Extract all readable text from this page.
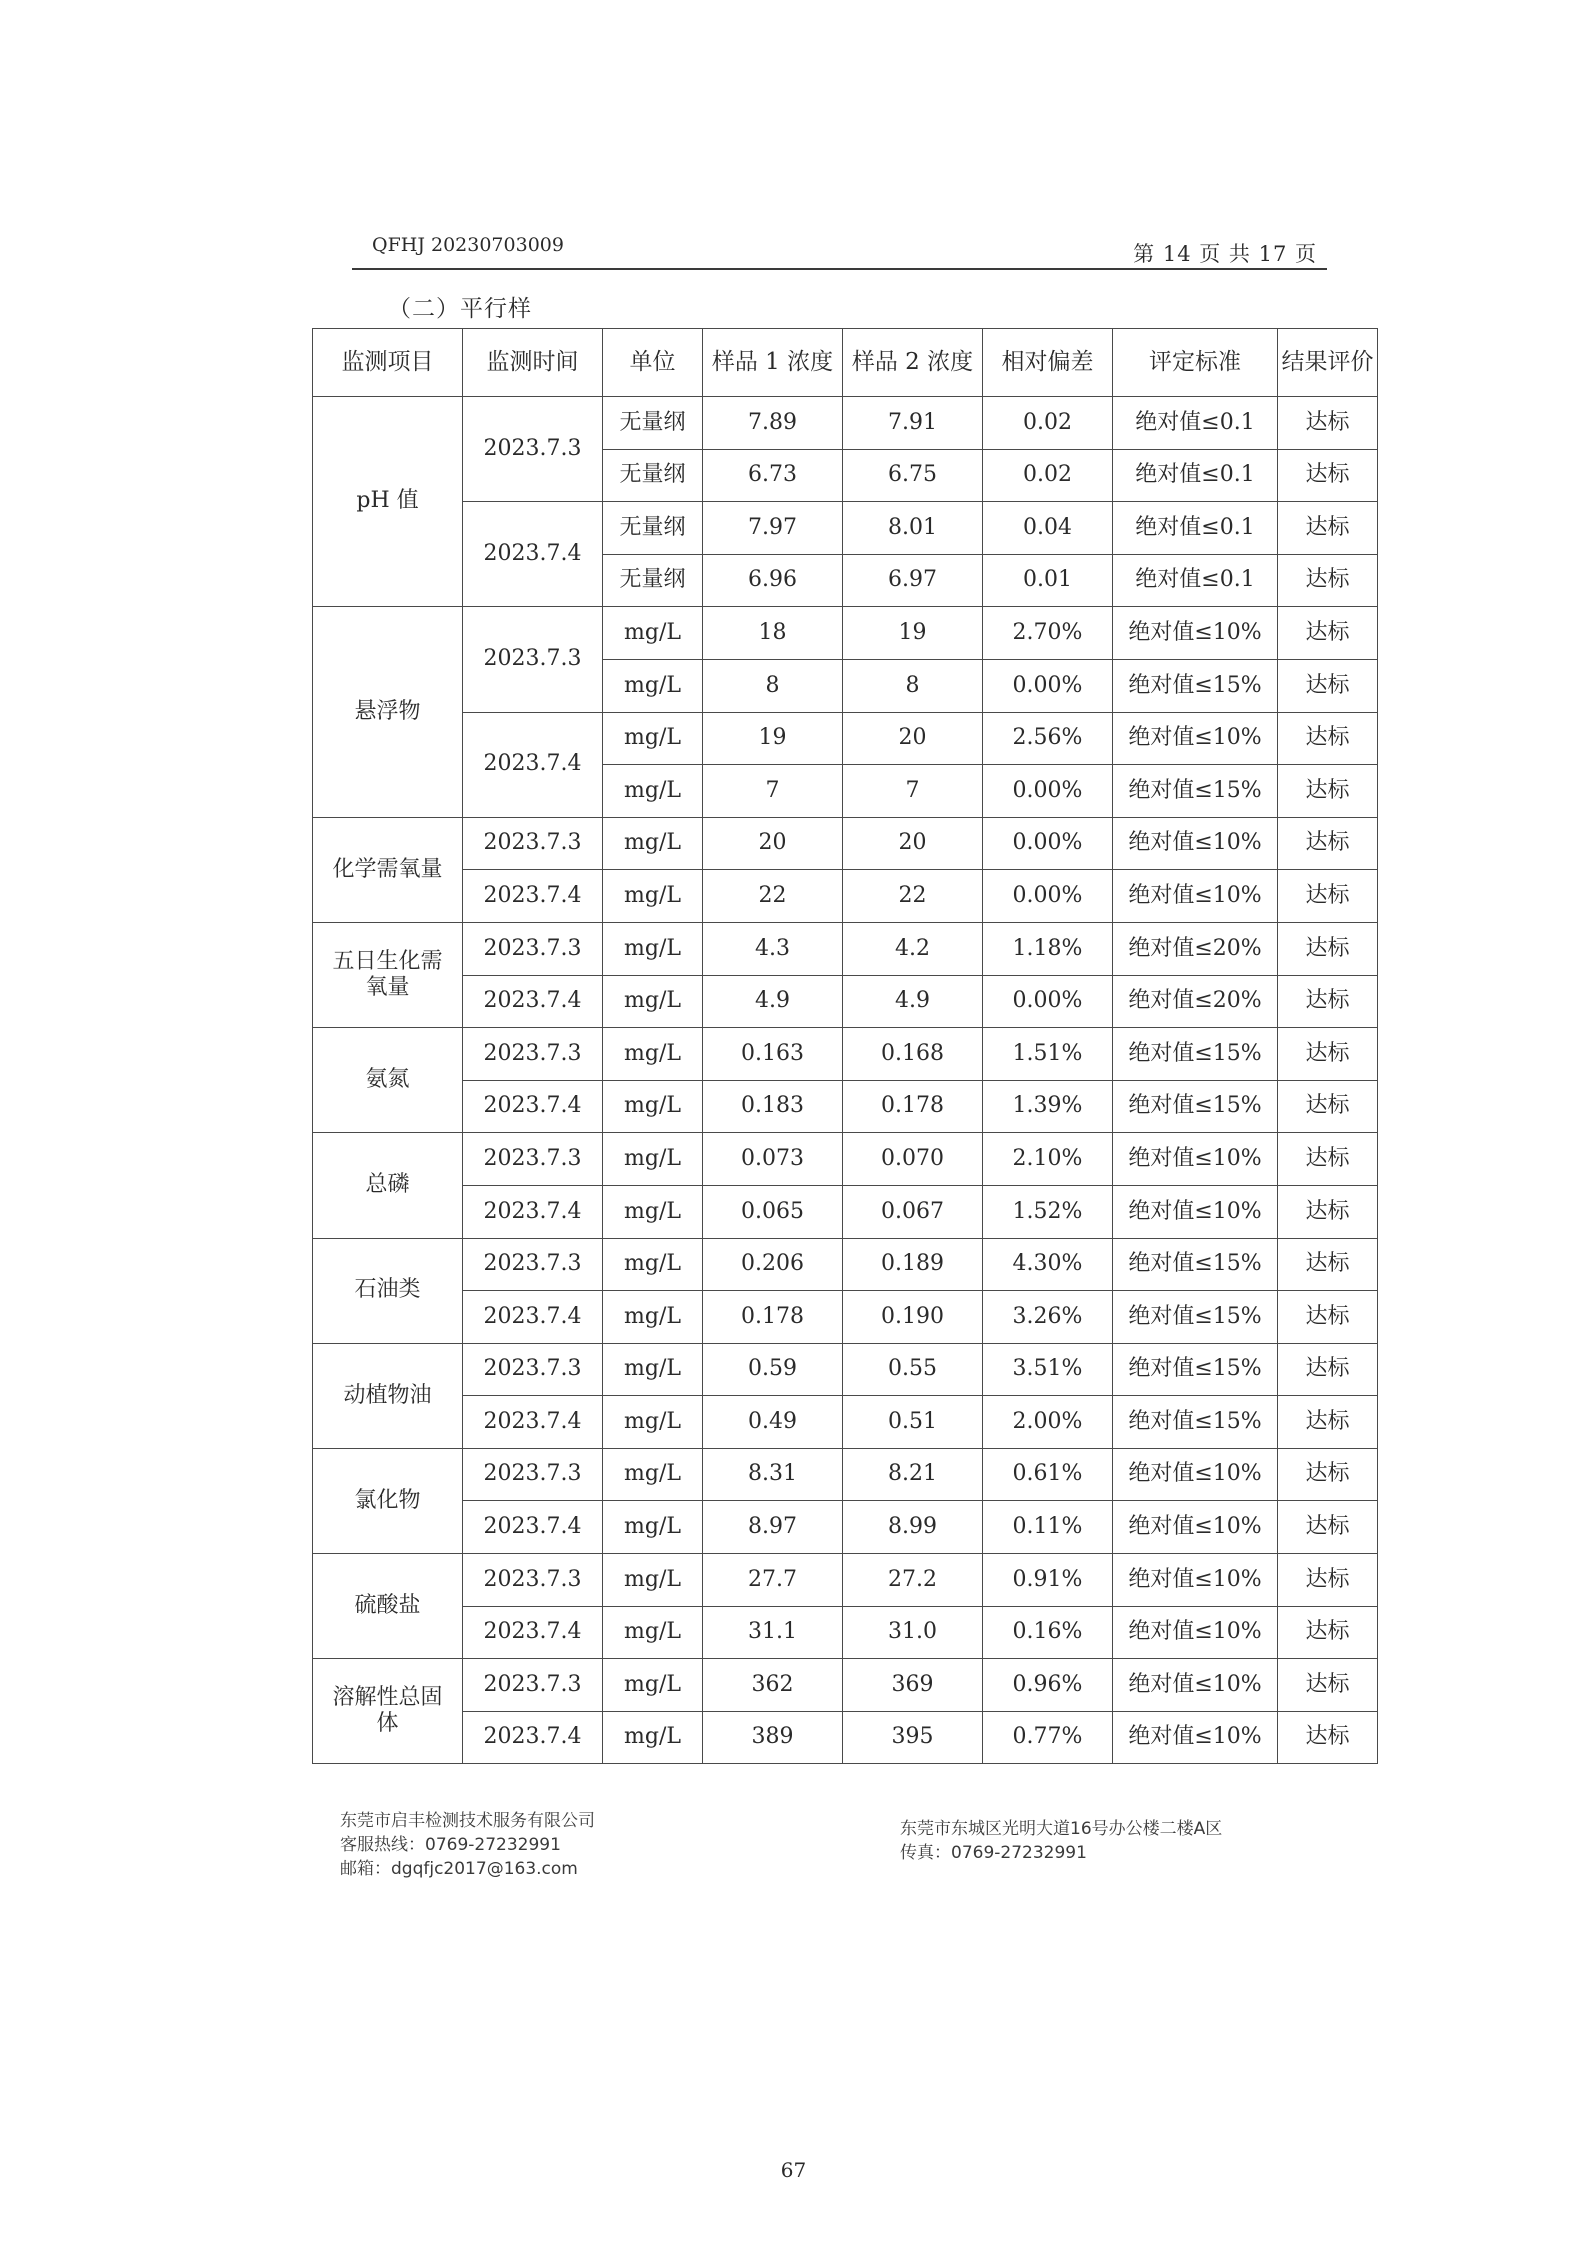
QFHJ 20230703009	第 14 页 共 17 页
（二）平行样
监测项目	监测时间	单位	样品 1 浓度	样品 2 浓度	相对偏差	评定标准	结果评价
pH 值	2023.7.3	无量纲	7.89	7.91	0.02	绝对值≤0.1	达标
		无量纲	6.73	6.75	0.02	绝对值≤0.1	达标
	2023.7.4	无量纲	7.97	8.01	0.04	绝对值≤0.1	达标
		无量纲	6.96	6.97	0.01	绝对值≤0.1	达标
悬浮物	2023.7.3	mg/L	18	19	2.70%	绝对值≤10%	达标
		mg/L	8	8	0.00%	绝对值≤15%	达标
	2023.7.4	mg/L	19	20	2.56%	绝对值≤10%	达标
		mg/L	7	7	0.00%	绝对值≤15%	达标
化学需氧量	2023.7.3	mg/L	20	20	0.00%	绝对值≤10%	达标
	2023.7.4	mg/L	22	22	0.00%	绝对值≤10%	达标
五日生化需氧量	2023.7.3	mg/L	4.3	4.2	1.18%	绝对值≤20%	达标
	2023.7.4	mg/L	4.9	4.9	0.00%	绝对值≤20%	达标
氨氮	2023.7.3	mg/L	0.163	0.168	1.51%	绝对值≤15%	达标
	2023.7.4	mg/L	0.183	0.178	1.39%	绝对值≤15%	达标
总磷	2023.7.3	mg/L	0.073	0.070	2.10%	绝对值≤10%	达标
	2023.7.4	mg/L	0.065	0.067	1.52%	绝对值≤10%	达标
石油类	2023.7.3	mg/L	0.206	0.189	4.30%	绝对值≤15%	达标
	2023.7.4	mg/L	0.178	0.190	3.26%	绝对值≤15%	达标
动植物油	2023.7.3	mg/L	0.59	0.55	3.51%	绝对值≤15%	达标
	2023.7.4	mg/L	0.49	0.51	2.00%	绝对值≤15%	达标
氯化物	2023.7.3	mg/L	8.31	8.21	0.61%	绝对值≤10%	达标
	2023.7.4	mg/L	8.97	8.99	0.11%	绝对值≤10%	达标
硫酸盐	2023.7.3	mg/L	27.7	27.2	0.91%	绝对值≤10%	达标
	2023.7.4	mg/L	31.1	31.0	0.16%	绝对值≤10%	达标
溶解性总固体	2023.7.3	mg/L	362	369	0.96%	绝对值≤10%	达标
	2023.7.4	mg/L	389	395	0.77%	绝对值≤10%	达标
东莞市启丰检测技术服务有限公司
客服热线：0769-27232991
邮箱：dgqfjc2017@163.com
东莞市东城区光明大道16号办公楼二楼A区
传真：0769-27232991
67
